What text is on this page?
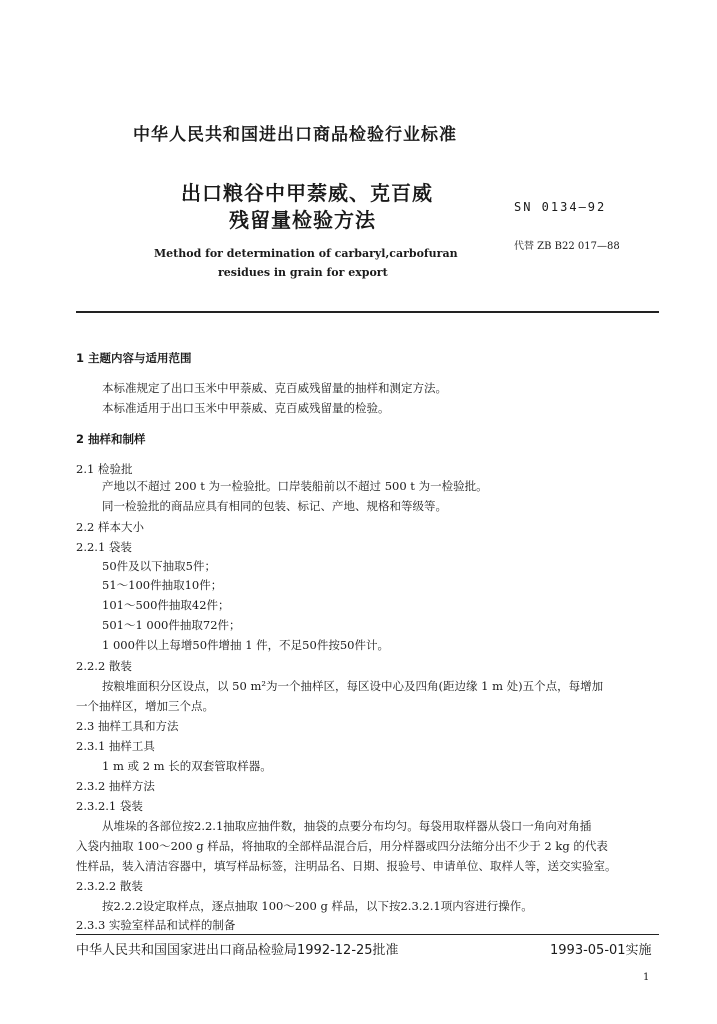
中华人民共和国进出口商品检验行业标准
出口粮谷中甲萘威、克百威
残留量检验方法
Method for determination of carbaryl,carbofuran
residues in grain for export
SN 0134—92
代替 ZB B22 017—88
1 主题内容与适用范围
本标准规定了出口玉米中甲萘威、克百威残留量的抽样和测定方法。
本标准适用于出口玉米中甲萘威、克百威残留量的检验。
2 抽样和制样
2.1 检验批
产地以不超过 200 t 为一检验批。口岸装船前以不超过 500 t 为一检验批。
同一检验批的商品应具有相同的包装、标记、产地、规格和等级等。
2.2 样本大小
2.2.1 袋装
50件及以下抽取5件；
51～100件抽取10件；
101～500件抽取42件；
501～1 000件抽取72件；
1 000件以上每增50件增抽 1 件，不足50件按50件计。
2.2.2 散装
按粮堆面积分区设点，以 50 m²为一个抽样区，每区设中心及四角(距边缘 1 m 处)五个点，每增加
一个抽样区，增加三个点。
2.3 抽样工具和方法
2.3.1 抽样工具
1 m 或 2 m 长的双套管取样器。
2.3.2 抽样方法
2.3.2.1 袋装
从堆垛的各部位按2.2.1抽取应抽件数，抽袋的点要分布均匀。每袋用取样器从袋口一角向对角插
入袋内抽取 100～200 g 样品，将抽取的全部样品混合后，用分样器或四分法缩分出不少于 2 kg 的代表
性样品，装入清洁容器中，填写样品标签，注明品名、日期、报验号、申请单位、取样人等，送交实验室。
2.3.2.2 散装
按2.2.2设定取样点，逐点抽取 100～200 g 样品，以下按2.3.2.1项内容进行操作。
2.3.3 实验室样品和试样的制备
中华人民共和国国家进出口商品检验局1992-12-25批准	1993-05-01实施
1
